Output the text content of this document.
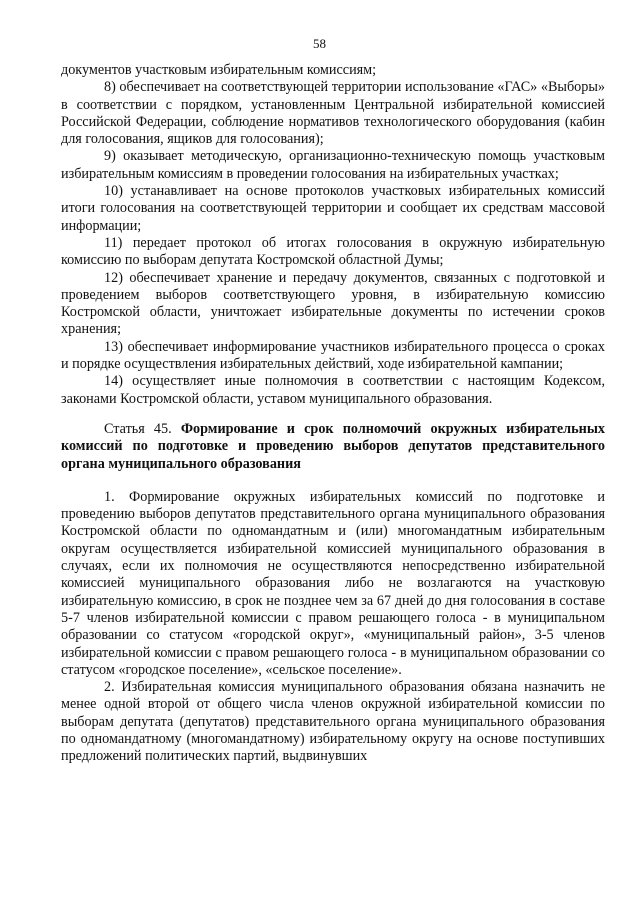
58

документов участковым избирательным комиссиям;

8) обеспечивает на соответствующей территории использование «ГАС» «Выборы» в соответствии с порядком, установленным Центральной избирательной комиссией Российской Федерации, соблюдение нормативов технологического оборудования (кабин для голосования, ящиков для голосования);

9) оказывает методическую, организационно-техническую помощь участковым избирательным комиссиям в проведении голосования на избирательных участках;

10) устанавливает на основе протоколов участковых избирательных комиссий итоги голосования на соответствующей территории и сообщает их средствам массовой информации;

11) передает протокол об итогах голосования в окружную избирательную комиссию по выборам депутата Костромской областной Думы;

12) обеспечивает хранение и передачу документов, связанных с подготовкой и проведением выборов соответствующего уровня, в избирательную комиссию Костромской области, уничтожает избирательные документы по истечении сроков хранения;

13) обеспечивает информирование участников избирательного процесса о сроках и порядке осуществления избирательных действий, ходе избирательной кампании;

14) осуществляет иные полномочия в соответствии с настоящим Кодексом, законами Костромской области, уставом муниципального образования.

Статья 45. Формирование и срок полномочий окружных избирательных комиссий по подготовке и проведению выборов депутатов представительного органа муниципального образования

1. Формирование окружных избирательных комиссий по подготовке и проведению выборов депутатов представительного органа муниципального образования Костромской области по одномандатным и (или) многомандатным избирательным округам осуществляется избирательной комиссией муниципального образования в случаях, если их полномочия не осуществляются непосредственно избирательной комиссией муниципального образования либо не возлагаются на участковую избирательную комиссию, в срок не позднее чем за 67 дней до дня голосования в составе 5-7 членов избирательной комиссии с правом решающего голоса - в муниципальном образовании со статусом «городской округ», «муниципальный район», 3-5 членов избирательной комиссии с правом решающего голоса - в муниципальном образовании со статусом «городское поселение», «сельское поселение».

2. Избирательная комиссия муниципального образования обязана назначить не менее одной второй от общего числа членов окружной избирательной комиссии по выборам депутата (депутатов) представительного органа муниципального образования по одномандатному (многомандатному) избирательному округу на основе поступивших предложений политических партий, выдвинувших
